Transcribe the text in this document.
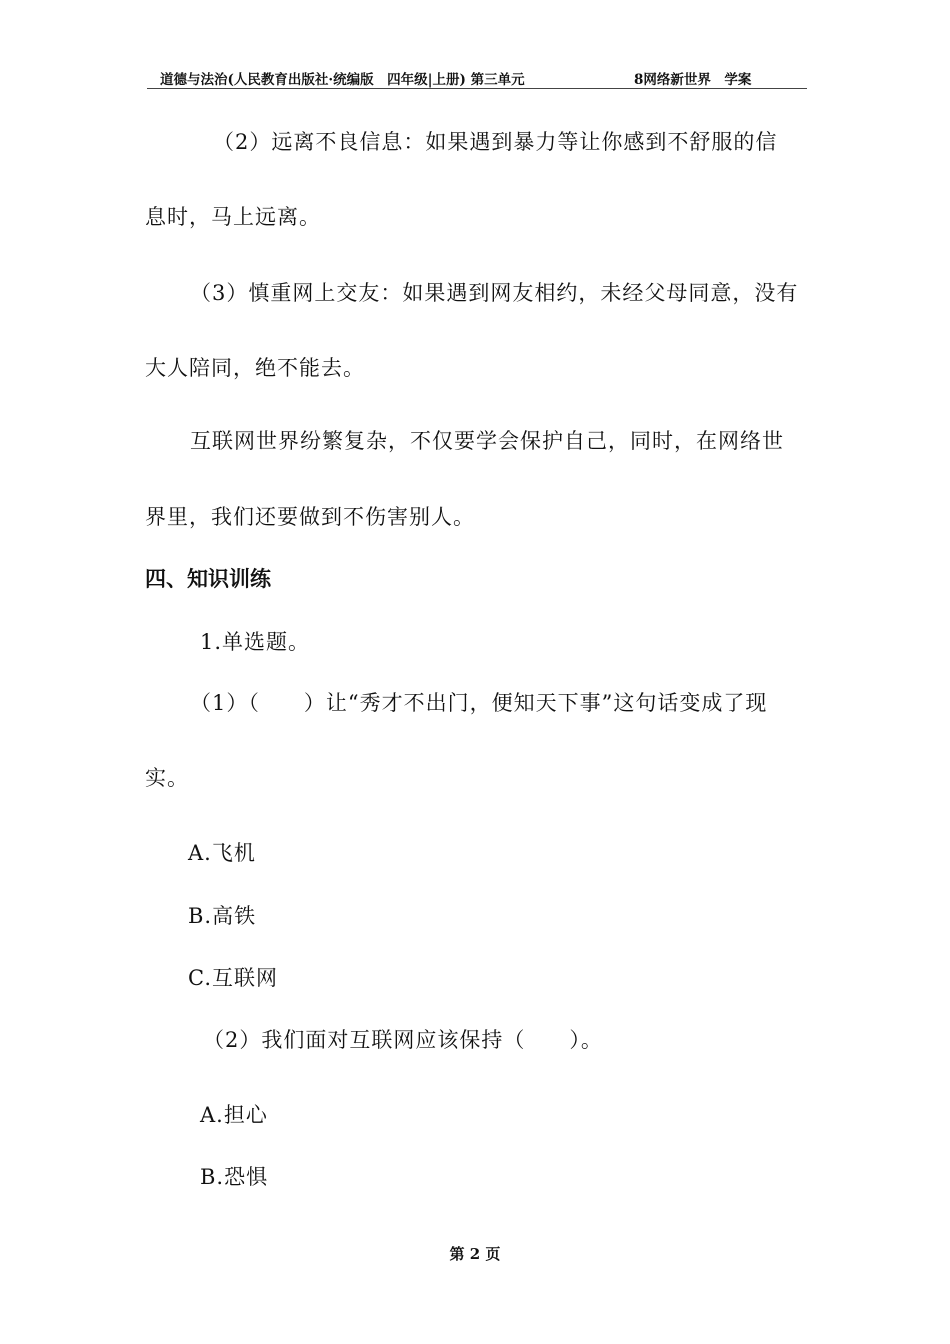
道德与法治(人民教育出版社·统编版　四年级|上册) 第三单元	8网络新世界　学案
（2）远离不良信息：如果遇到暴力等让你感到不舒服的信
息时，马上远离。
（3）慎重网上交友：如果遇到网友相约，未经父母同意，没有
大人陪同，绝不能去。
互联网世界纷繁复杂，不仅要学会保护自己，同时，在网络世
界里，我们还要做到不伤害别人。
四、知识训练
1.单选题。
（1）（　　）让“秀才不出门，便知天下事”这句话变成了现
实。
A.飞机
B.高铁
C.互联网
（2）我们面对互联网应该保持（　　）。
A.担心
B.恐惧
第 2 页
